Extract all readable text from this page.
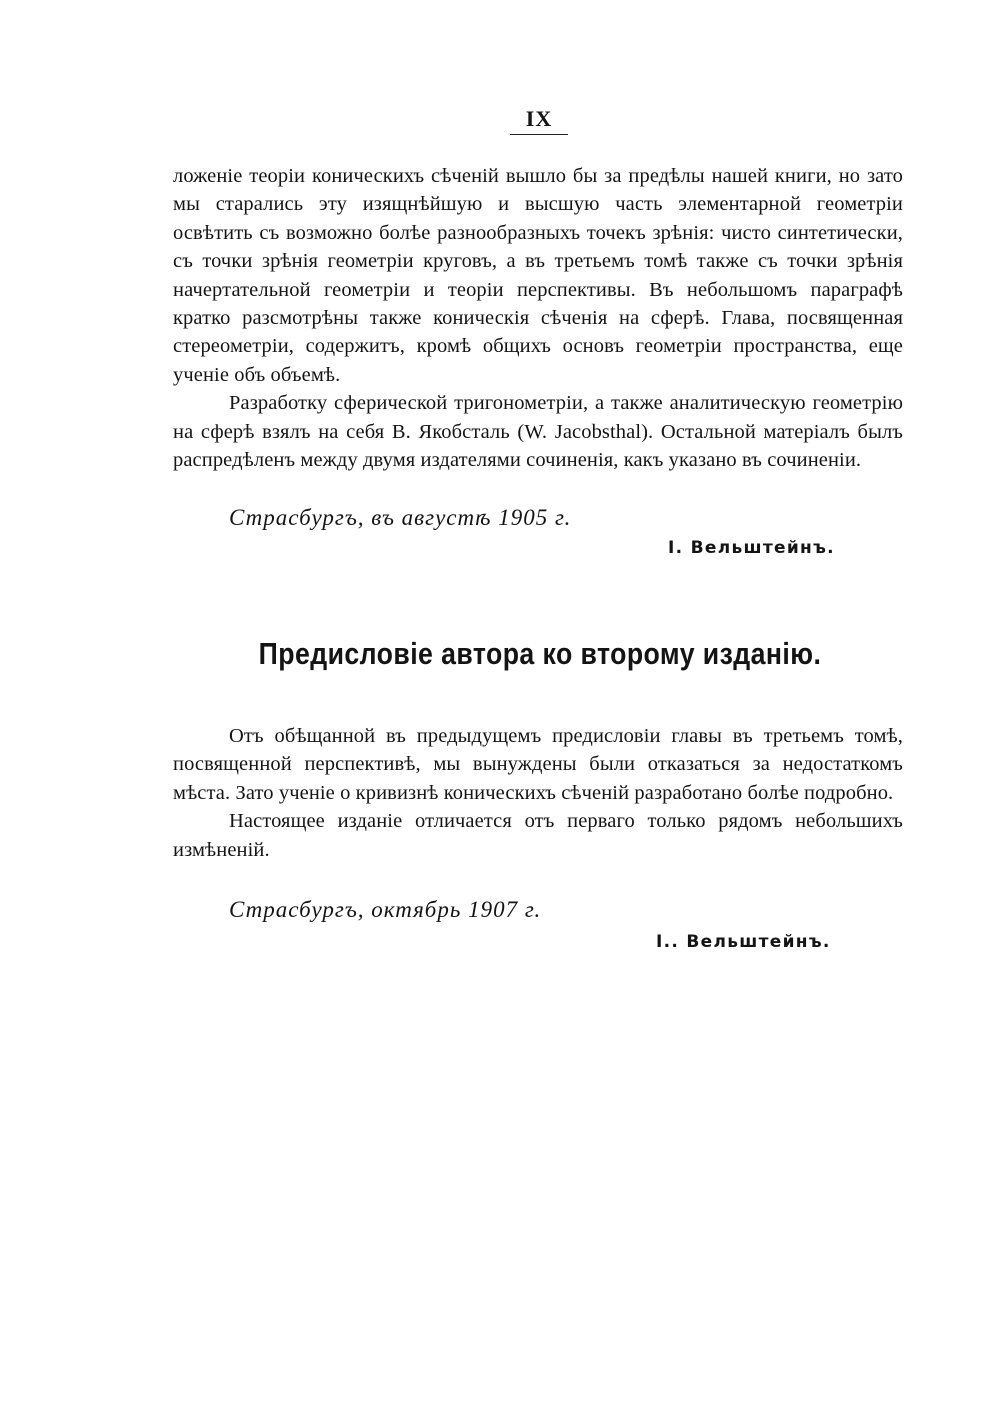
IX

ложеніе теоріи коническихъ сѣченій вышло бы за предѣлы нашей книги, но зато мы старались эту изящнѣйшую и высшую часть элементарной геометріи освѣтить съ возможно болѣе разнообразныхъ точекъ зрѣнія: чисто синтетически, съ точки зрѣнія геометріи круговъ, а въ третьемъ томѣ также съ точки зрѣнія начертательной геометріи и теоріи перспективы. Въ небольшомъ параграфѣ кратко разсмотрѣны также коническія сѣченія на сферѣ. Глава, посвященная стереометріи, содержитъ, кромѣ общихъ основъ геометріи пространства, еще ученіе объ объемѣ.

Разработку сферической тригонометріи, а также аналитическую геометрію на сферѣ взялъ на себя В. Якобсталь (W. Jacobsthal). Остальной матеріалъ былъ распредѣленъ между двумя издателями сочиненія, какъ указано въ сочиненіи.

Страсбургъ, въ августѣ 1905 г.
I. Вельштейнъ.
Предисловіе автора ко второму изданію.

Отъ обѣщанной въ предыдущемъ предисловіи главы въ третьемъ томѣ, посвященной перспективѣ, мы вынуждены были отказаться за недостаткомъ мѣста. Зато ученіе о кривизнѣ коническихъ сѣченій разработано болѣе подробно.

Настоящее изданіе отличается отъ перваго только рядомъ небольшихъ измѣненій.

Страсбургъ, октябрь 1907 г.
I.. Вельштейнъ.
